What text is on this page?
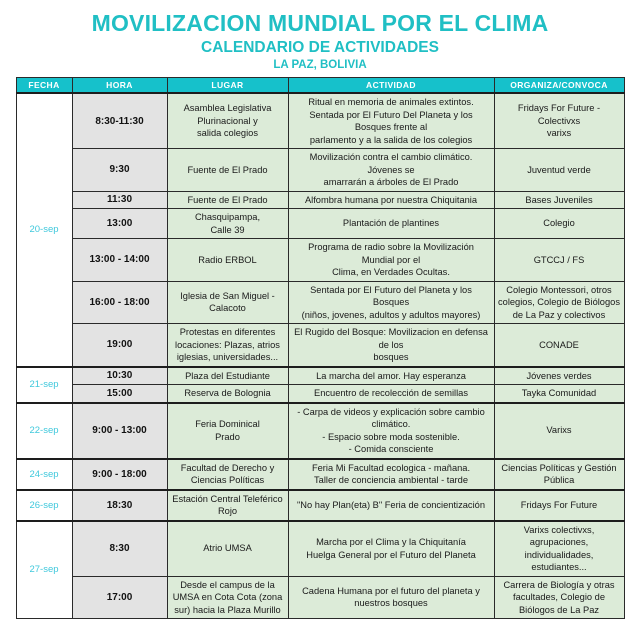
MOVILIZACION MUNDIAL POR EL CLIMA
CALENDARIO DE ACTIVIDADES
LA PAZ, BOLIVIA
FECHA	HORA	LUGAR	ACTIVIDAD	ORGANIZA/CONVOCA
20-sep	8:30-11:30	Asamblea Legislativa
Plurinacional y
salida colegios	Ritual en memoria de animales extintos.
Sentada por El Futuro Del Planeta y los Bosques frente al
parlamento y a la salida de los colegios	Fridays For Future - Colectivxs
varixs
	9:30	Fuente de El Prado	Movilización contra el cambio climático. Jóvenes se
amarrarán a árboles de El Prado	Juventud verde
	11:30	Fuente de El Prado	Alfombra humana por nuestra Chiquitania	Bases Juveniles
	13:00	Chasquipampa,
Calle 39	Plantación de plantines	Colegio
	13:00 - 14:00	Radio ERBOL	Programa de radio sobre la Movilización Mundial por el
Clima, en Verdades Ocultas.	GTCCJ / FS
	16:00 - 18:00	Iglesia de San Miguel -
Calacoto	Sentada por El Futuro del Planeta y los Bosques
(niños, jovenes, adultos y adultos mayores)	Colegio Montessori, otros
colegios, Colegio de Biólogos
de La Paz y colectivos
	19:00	Protestas en diferentes
locaciones: Plazas, atrios
iglesias, universidades...	El Rugido del Bosque: Movilizacion en defensa de los
bosques	CONADE
21-sep	10:30	Plaza del Estudiante	La marcha del amor. Hay esperanza	Jóvenes verdes
	15:00	Reserva de Bolognia	Encuentro de recolección de semillas	Tayka Comunidad
22-sep	9:00 - 13:00	Feria Dominical
Prado	- Carpa de videos y explicación sobre cambio climático.
- Espacio sobre moda sostenible.
- Comida consciente	Varixs
24-sep	9:00 - 18:00	Facultad de Derecho y
Ciencias Políticas	Feria Mi Facultad ecologica - mañana.
Taller de conciencia ambiental - tarde	Ciencias Políticas y Gestión
Pública
26-sep	18:30	Estación Central Teleférico
Rojo	"No hay Plan(eta) B" Feria de concientización	Fridays For Future
27-sep	8:30	Atrio UMSA	Marcha por el Clima y la Chiquitanía
Huelga General por el Futuro del Planeta	Varixs colectivxs,
agrupaciones,
individualidades,
estudiantes...
	17:00	Desde el campus de la
UMSA en Cota Cota (zona
sur) hacia la Plaza Murillo	Cadena Humana por el futuro del planeta y nuestros bosques	Carrera de Biología y otras
facultades, Colegio de
Biólogos de La Paz
